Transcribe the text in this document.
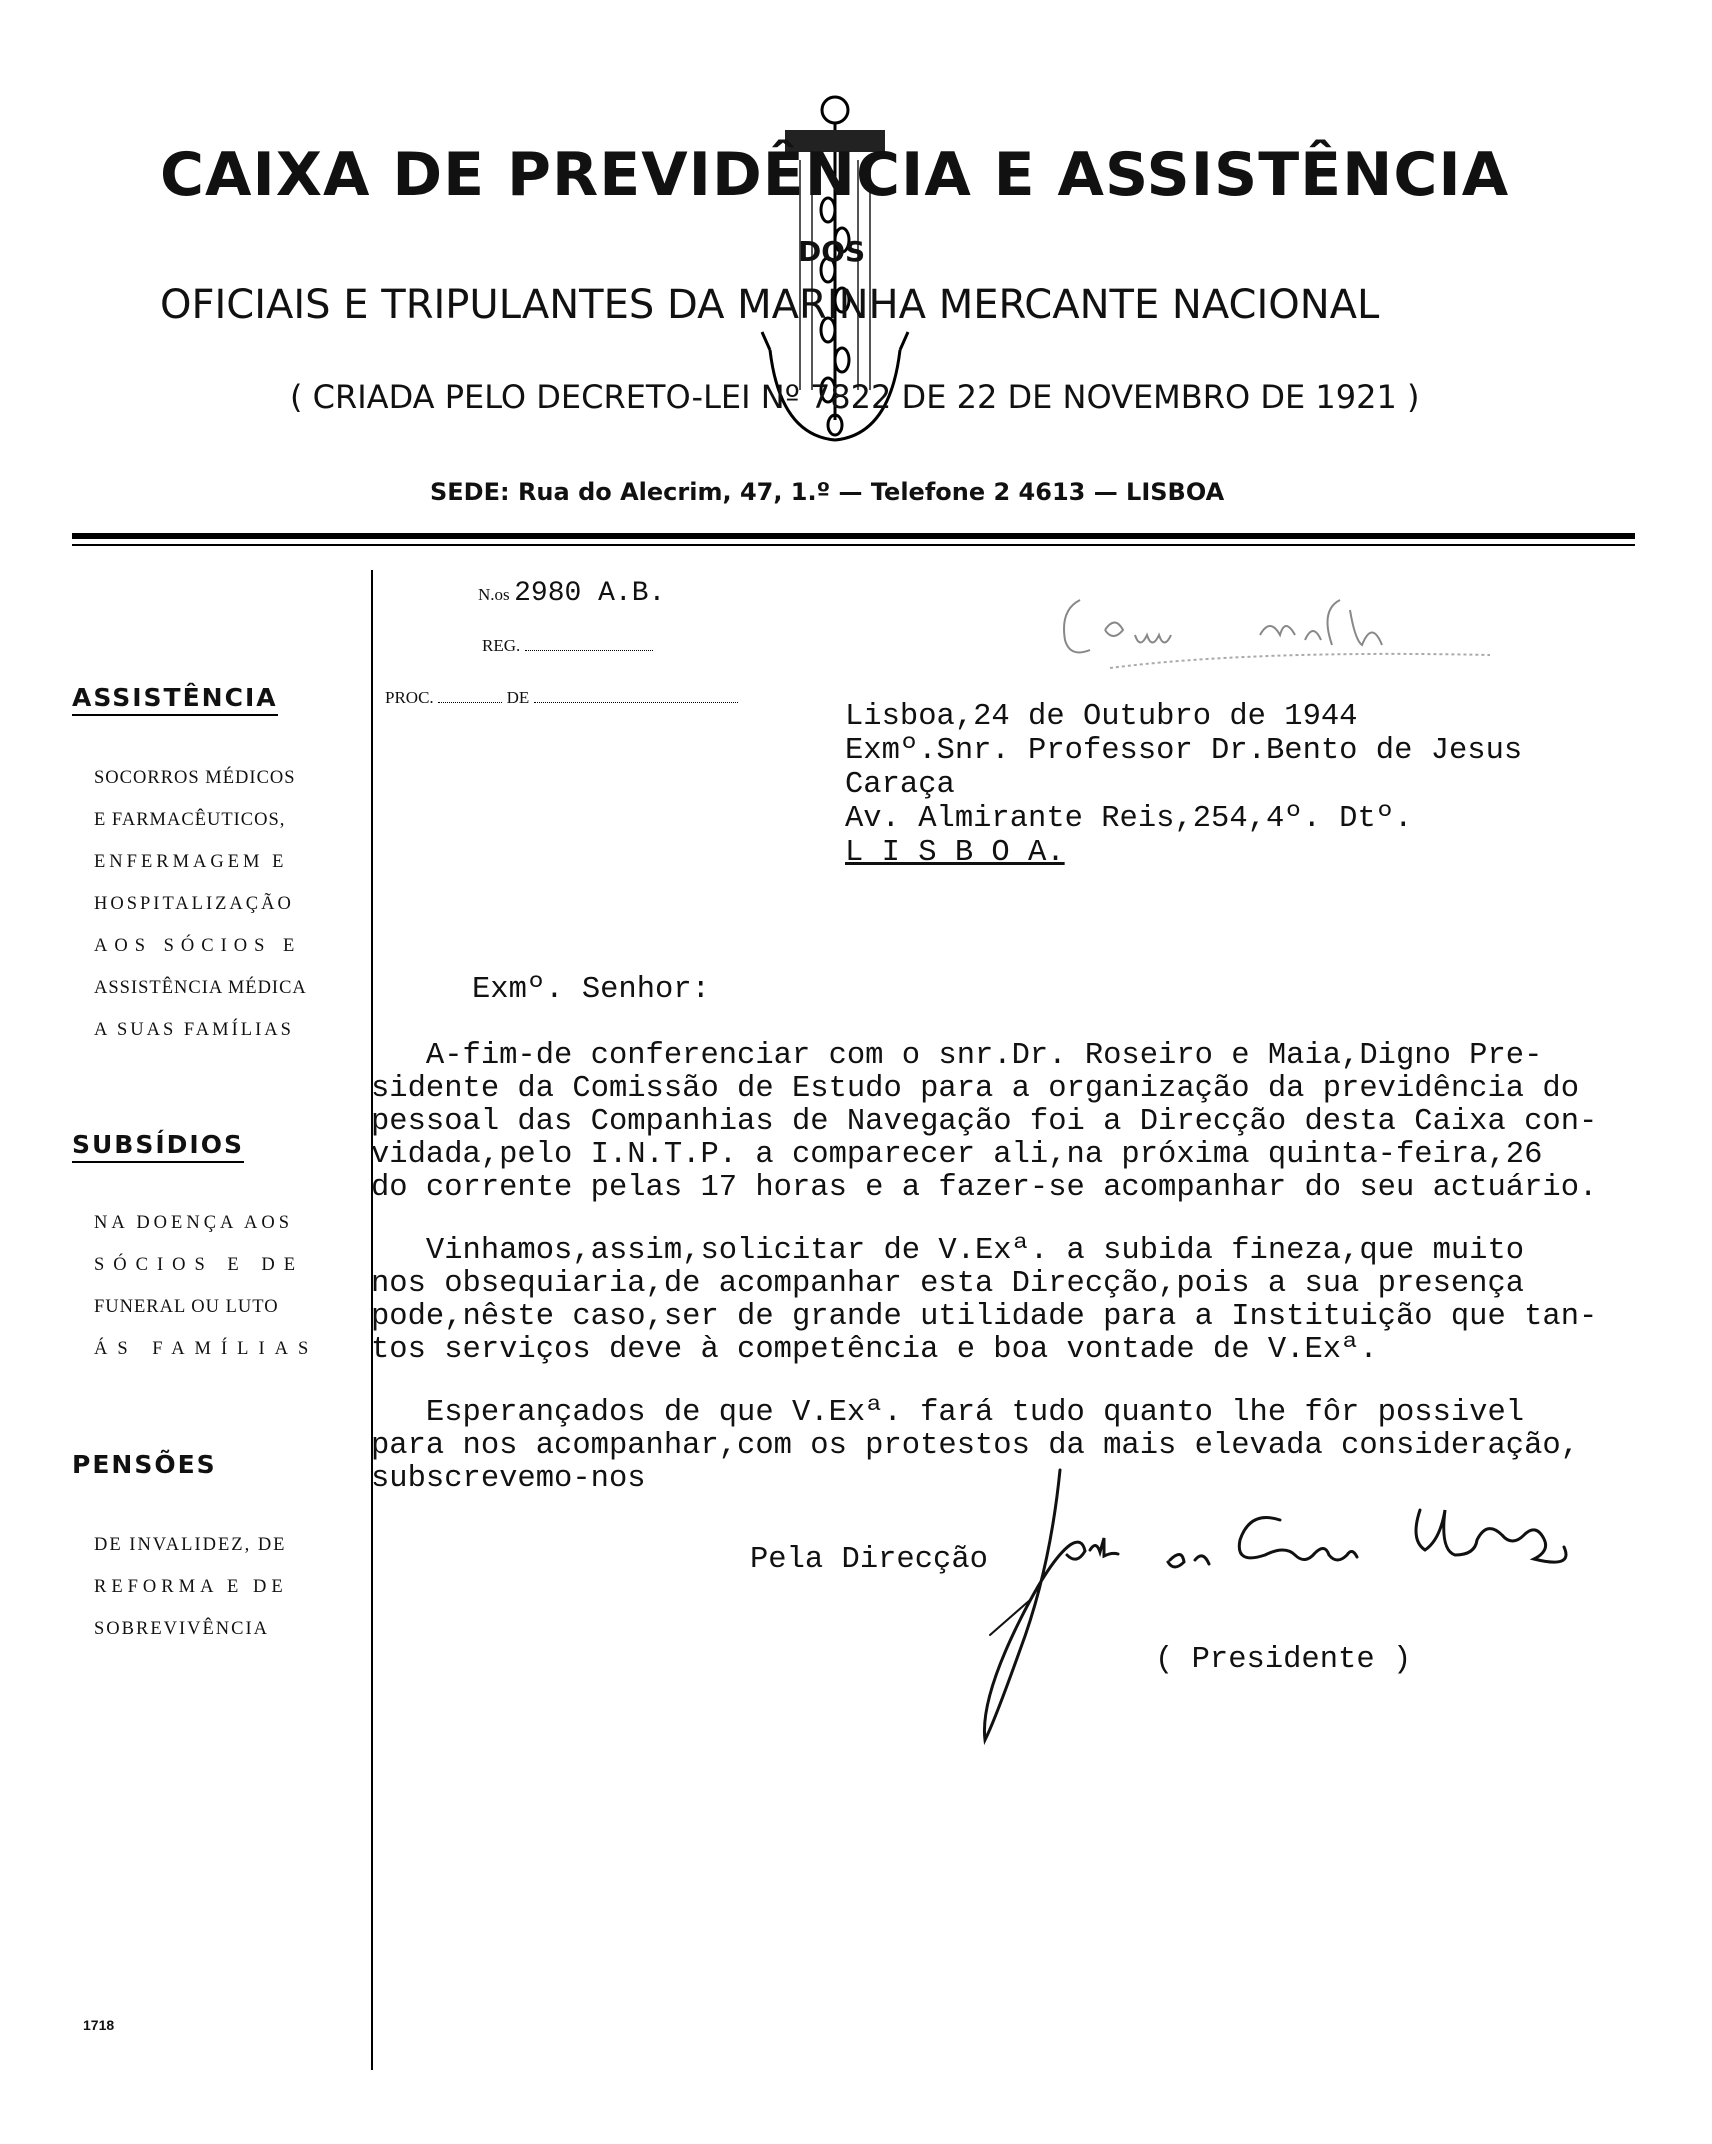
CAIXA DE PREVIDÊNCIA E ASSISTÊNCIA
DOS
OFICIAIS E TRIPULANTES DA MARINHA MERCANTE NACIONAL
( CRIADA PELO DECRETO-LEI Nº 7822 DE 22 DE NOVEMBRO DE 1921 )
SEDE: Rua do Alecrim, 47, 1.º — Telefone 2 4613 — LISBOA
ASSISTÊNCIA
SOCORROS MÉDICOS
E FARMACÊUTICOS,
ENFERMAGEM E
HOSPITALIZAÇÃO
AOS SÓCIOS E
ASSISTÊNCIA MÉDICA
A SUAS FAMÍLIAS
SUBSÍDIOS
NA DOENÇA AOS
SÓCIOS E DE
FUNERAL OU LUTO
ÁS FAMÍLIAS
PENSÕES
DE INVALIDEZ, DE
REFORMA E DE
SOBREVIVÊNCIA
1718
N.os 2980 A.B.
REG.
PROC.	DE
Lisboa,24 de Outubro de 1944
Exmº.Snr. Professor Dr.Bento de Jesus
Caraça
Av. Almirante Reis,254,4º. Dtº.
L I S B O A.
Exmº. Senhor:
A-fim-de conferenciar com o snr.Dr. Roseiro e Maia,Digno Pre-
sidente da Comissão de Estudo para a organização da previdência do
pessoal das Companhias de Navegação foi a Direcção desta Caixa con-
vidada,pelo I.N.T.P. a comparecer ali,na próxima quinta-feira,26
do corrente pelas 17 horas e a fazer-se acompanhar do seu actuário.
Vinhamos,assim,solicitar de V.Exª. a subida fineza,que muito
nos obsequiaria,de acompanhar esta Direcção,pois a sua presença
pode,nêste caso,ser de grande utilidade para a Instituição que tan-
tos serviços deve à competência e boa vontade de V.Exª.
Esperançados de que V.Exª. fará tudo quanto lhe fôr possivel
para nos acompanhar,com os protestos da mais elevada consideração,
subscrevemo-nos
Pela Direcção
( Presidente )
